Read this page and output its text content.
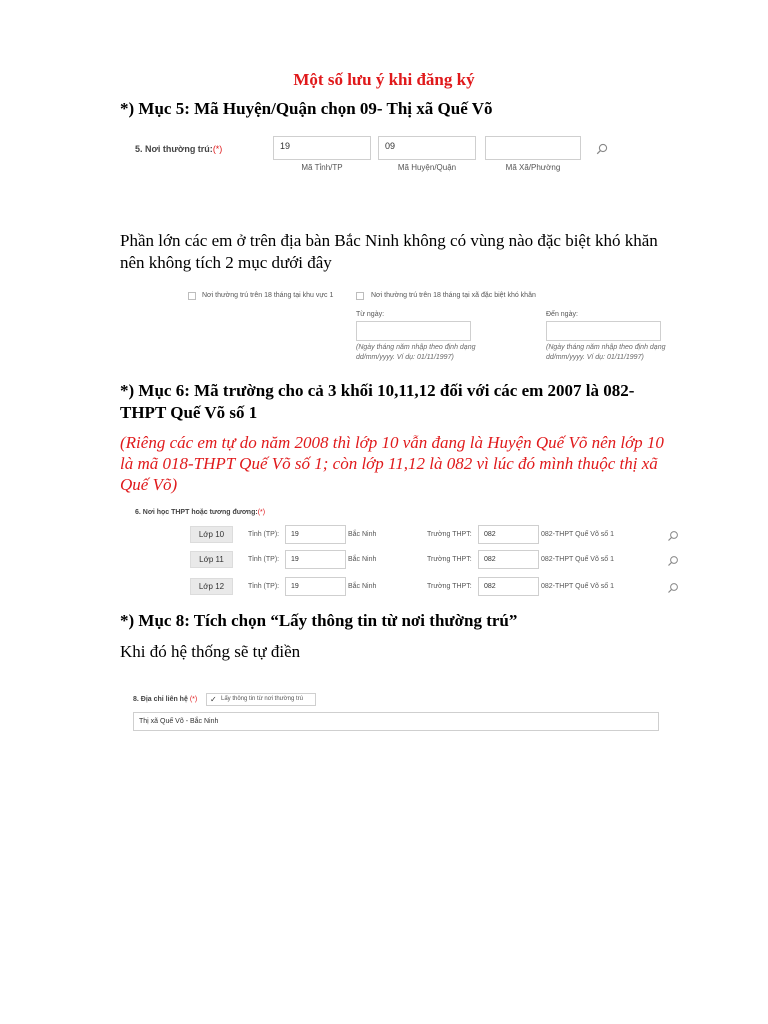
Một số lưu ý khi đăng ký
*) Mục 5: Mã Huyện/Quận chọn 09- Thị xã Quế Võ
5. Nơi thường trú:(*)	19	09
Mã Tỉnh/TP	Mã Huyện/Quận	Mã Xã/Phường
Phần lớn các em ở trên địa bàn Bắc Ninh không có vùng nào đặc biệt khó khăn nên không tích 2 mục dưới đây
Nơi thường trú trên 18 tháng tại khu vực 1	Nơi thường trú trên 18 tháng tại xã đặc biệt khó khăn
Từ ngày:
(Ngày tháng năm nhập theo định dạng dd/mm/yyyy. Ví dụ: 01/11/1997)
Đến ngày:
(Ngày tháng năm nhập theo định dạng dd/mm/yyyy. Ví dụ: 01/11/1997)
*) Mục 6: Mã trường cho cả 3 khối 10,11,12 đối với các em 2007 là 082-THPT Quế Võ số 1
(Riêng các em tự do năm 2008 thì lớp 10 vẫn đang là Huyện Quế Võ nên lớp 10 là mã 018-THPT Quế Võ số 1; còn lớp 11,12 là 082 vì lúc đó mình thuộc thị xã Quế Võ)
6. Nơi học THPT hoặc tương đương:(*)
Lớp 10	Tỉnh (TP):	19	Bắc Ninh	Trường THPT:	082	082-THPT Quế Võ số 1
Lớp 11	Tỉnh (TP):	19	Bắc Ninh	Trường THPT:	082	082-THPT Quế Võ số 1
Lớp 12	Tỉnh (TP):	19	Bắc Ninh	Trường THPT:	082	082-THPT Quế Võ số 1
*) Mục 8: Tích chọn “Lấy thông tin từ nơi thường trú”
Khi đó hệ thống sẽ tự điền
8. Địa chỉ liên hệ (*) ✓ Lấy thông tin từ nơi thường trú
Thị xã Quế Võ - Bắc Ninh
